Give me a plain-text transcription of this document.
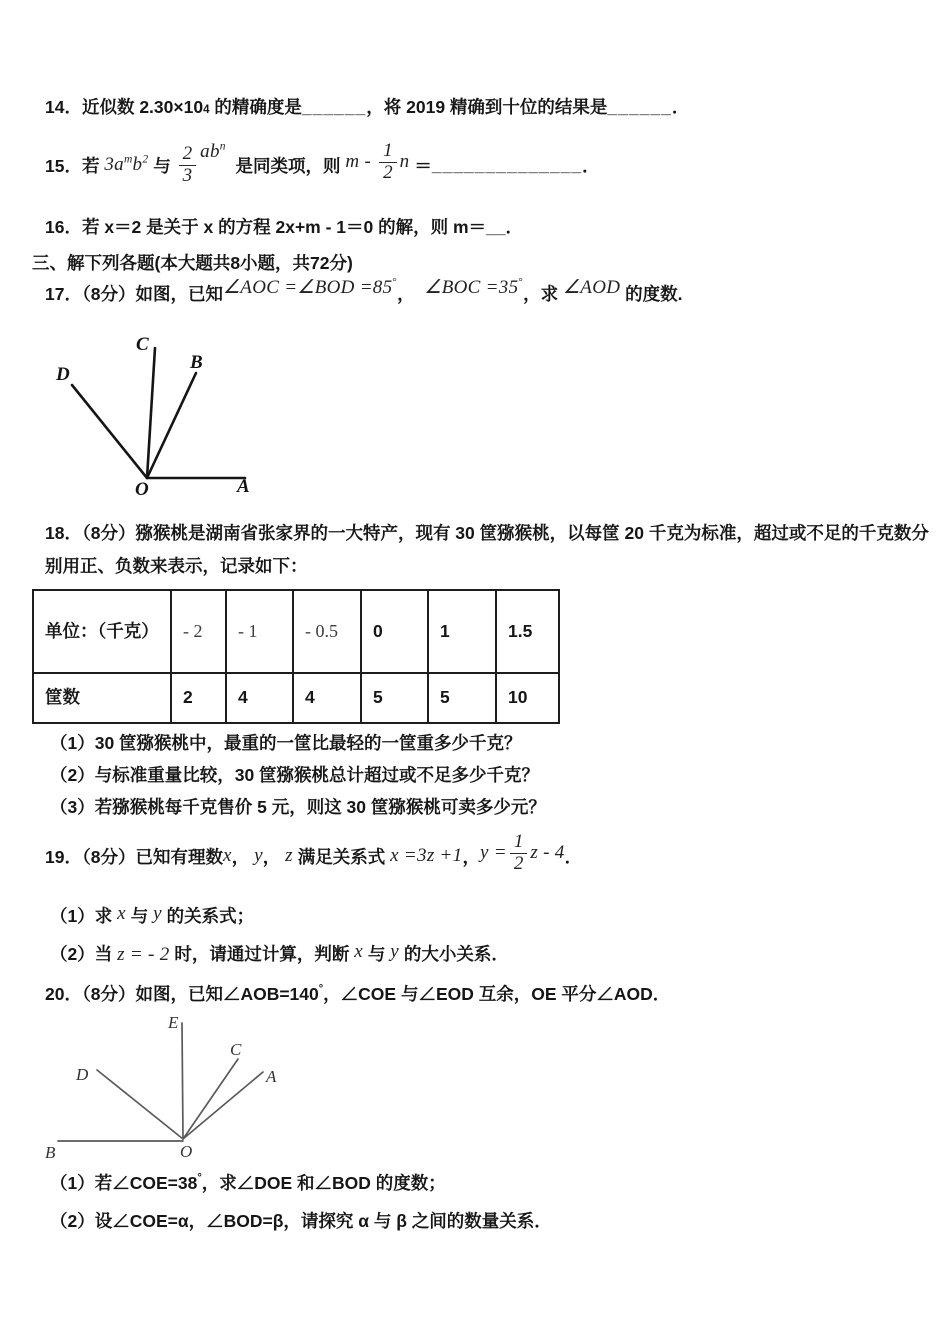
14．近似数 2.30×10 4 的精确度是 ______ ，将 2019 精确到十位的结果是 ______ ．
15．若 $3a^mb^2$ 与 $\frac{2}{3} ab^n$
是同类项，则 m - $\frac{1}{2}$ n ＝ ______________ ．
16．若 x＝2 是关于 x 的方程 2x+m - 1＝0 的解，则 m＝__．
三、解下列各题(本大题共8小题，共72分)
17．（8分）如图，已知 ∠AOC =∠BOD =85°
， ∠BOC =35°
，求 ∠AOD 的度数.
C
B
D
O	A
18．（8分）猕猴桃是湖南省张家界的一大特产，现有 30 筐猕猴桃，以每筐 20 千克为标准，超过或不足的千克数分
别用正、负数来表示，记录如下：
单位：（千克）	- 2	- 1	- 0.5	0	1	1.5
筐数	2	4	4	5	5	10
（1）30 筐猕猴桃中，最重的一筐比最轻的一筐重多少千克？
（2）与标准重量比较，30 筐猕猴桃总计超过或不足多少千克？
（3）若猕猴桃每千克售价 5 元，则这 30 筐猕猴桃可卖多少元？
19．（8分）已知有理数 x ， y ， z 满足关系式 x =3z +1 ， $y = \frac{1}{2}$ z - 4 ．
（1）求 x 与 y 的关系式；
（2）当 z = - 2 时，请通过计算，判断 x 与 y 的大小关系．
20．（8分）如图，已知∠AOB=140 ° ，∠COE 与∠EOD 互余，OE 平分∠AOD．
E
D
C
A
B	O
（1）若∠COE=38 ° ，求∠DOE 和∠BOD 的度数；
（2）设∠COE=α，∠BOD=β，请探究 α 与 β 之间的数量关系．
